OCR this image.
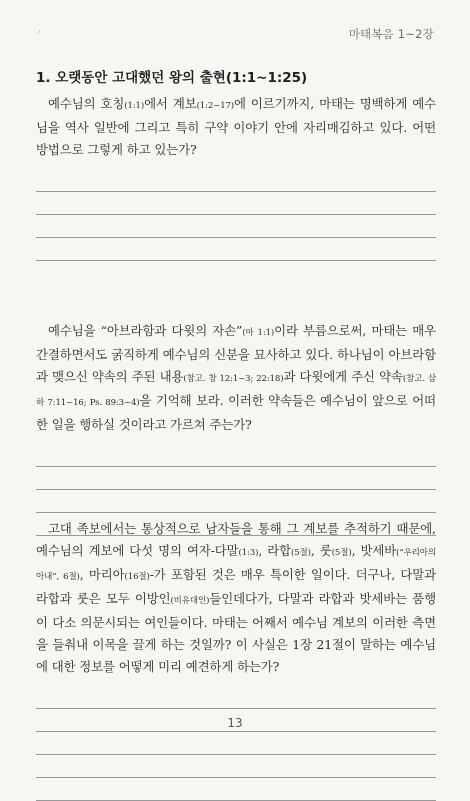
·'	마태복음 1~2장
1. 오랫동안 고대했던 왕의 출현(1:1~1:25)

예수님의 호칭(1:1)에서 계보(1:2~17)에 이르기까지, 마태는 명백하게 예수님을 역사 일반에 그리고 특히 구약 이야기 안에 자리매김하고 있다. 어떤 방법으로 그렇게 하고 있는가?

예수님을 “아브라함과 다윗의 자손”(마 1:1)이라 부름으로써, 마태는 매우 간결하면서도 굵직하게 예수님의 신분을 묘사하고 있다. 하나님이 아브라함과 맺으신 약속의 주된 내용(참고. 창 12:1~3; 22:18)과 다윗에게 주신 약속(참고. 삼하 7:11~16; Ps. 89:3~4)을 기억해 보라. 이러한 약속들은 예수님이 앞으로 어떠한 일을 행하실 것이라고 가르쳐 주는가?

고대 족보에서는 통상적으로 남자들을 통해 그 계보를 추적하기 때문에, 예수님의 계보에 다섯 명의 여자-다말(1:3), 라합(5절), 룻(5절), 밧세바(“우리아의 아내”, 6절), 마리아(16절)-가 포함된 것은 매우 특이한 일이다. 더구나, 다말과 라합과 룻은 모두 이방인(비유대인)들인데다가, 다말과 라합과 밧세바는 품행이 다소 의문시되는 여인들이다. 마태는 어째서 예수님 계보의 이러한 측면을 들춰내 이목을 끌게 하는 것일까? 이 사실은 1장 21절이 말하는 예수님에 대한 정보를 어떻게 미리 예견하게 하는가?

13
